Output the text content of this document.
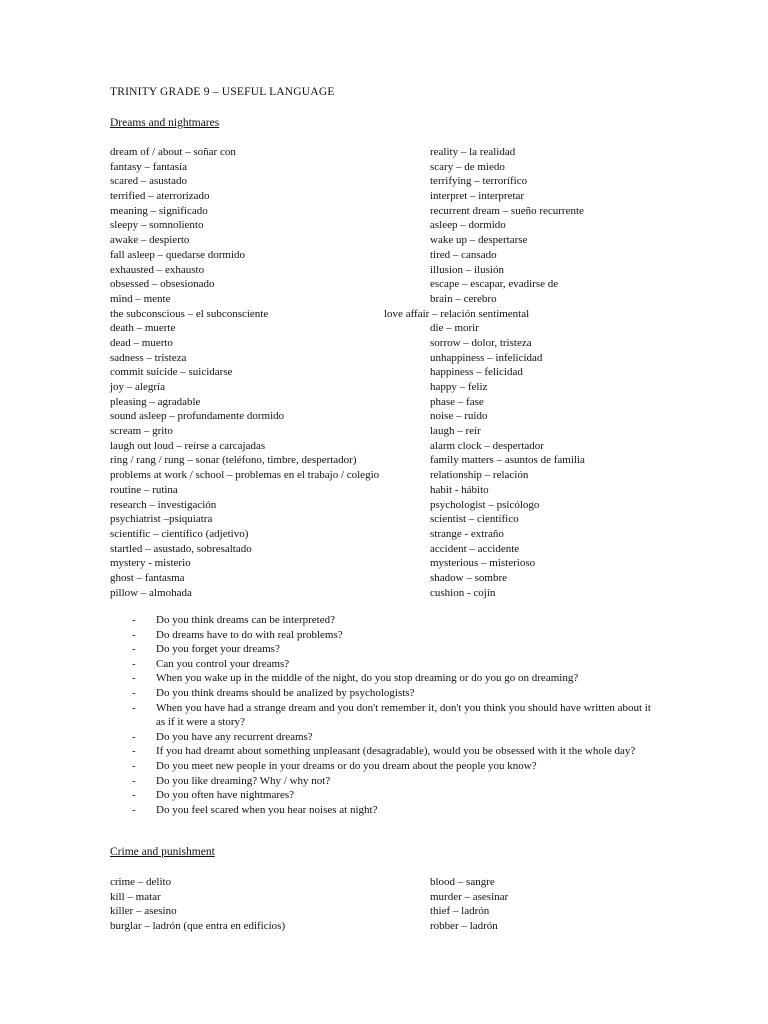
TRINITY GRADE 9 – USEFUL LANGUAGE
Dreams and nightmares
dream of / about – soñar con
fantasy – fantasía
scared – asustado
terrified – aterrorizado
meaning – significado
sleepy – somnoliento
awake – despierto
fall asleep – quedarse dormido
exhausted – exhausto
obsessed – obsesionado
mind – mente
the subconscious – el subconsciente
death – muerte
dead – muerto
sadness – tristeza
commit suicide – suicidarse
joy – alegría
pleasing – agradable
sound asleep – profundamente dormido
scream – grito
laugh out loud – reírse a carcajadas
ring / rang / rung – sonar (teléfono, timbre, despertador)
problems at work / school – problemas en el trabajo / colegio
routine – rutina
research – investigación
psychiatrist –psiquiatra
scientific – científico (adjetivo)
startled – asustado, sobresaltado
mystery - misterio
ghost – fantasma
pillow – almohada
reality – la realidad
scary – de miedo
terrifying – terrorífico
interpret – interpretar
recurrent dream – sueño recurrente
asleep – dormido
wake up – despertarse
tired – cansado
illusion – ilusión
escape – escapar, evadirse de
brain – cerebro
love affair – relación sentimental
die – morir
sorrow – dolor, tristeza
unhappiness – infelicidad
happiness – felicidad
happy – feliz
phase – fase
noise – ruido
laugh – reír
alarm clock – despertador
family matters – asuntos de familia
relationship – relación
habit - hábito
psychologist – psicólogo
scientist – científico
strange - extraño
accident – accidente
mysterious – misterioso
shadow – sombre
cushion - cojín
- Do you think dreams can be interpreted?
- Do dreams have to do with real problems?
- Do you forget your dreams?
- Can you control your dreams?
- When you wake up in the middle of the night, do you stop dreaming or do you go on dreaming?
- Do you think dreams should be analized by psychologists?
- When you have had a strange dream and you don't remember it, don't you think you should have written about it as if it were a story?
- Do you have any recurrent dreams?
- If you had dreamt about something unpleasant (desagradable), would you be obsessed with it the whole day?
- Do you meet new people in your dreams or do you dream about the people you know?
- Do you like dreaming? Why / why not?
- Do you often have nightmares?
- Do you feel scared when you hear noises at night?
Crime and punishment
crime – delito
kill – matar
killer – asesino
burglar – ladrón (que entra en edificios)
blood – sangre
murder – asesinar
thief – ladrón
robber – ladrón
